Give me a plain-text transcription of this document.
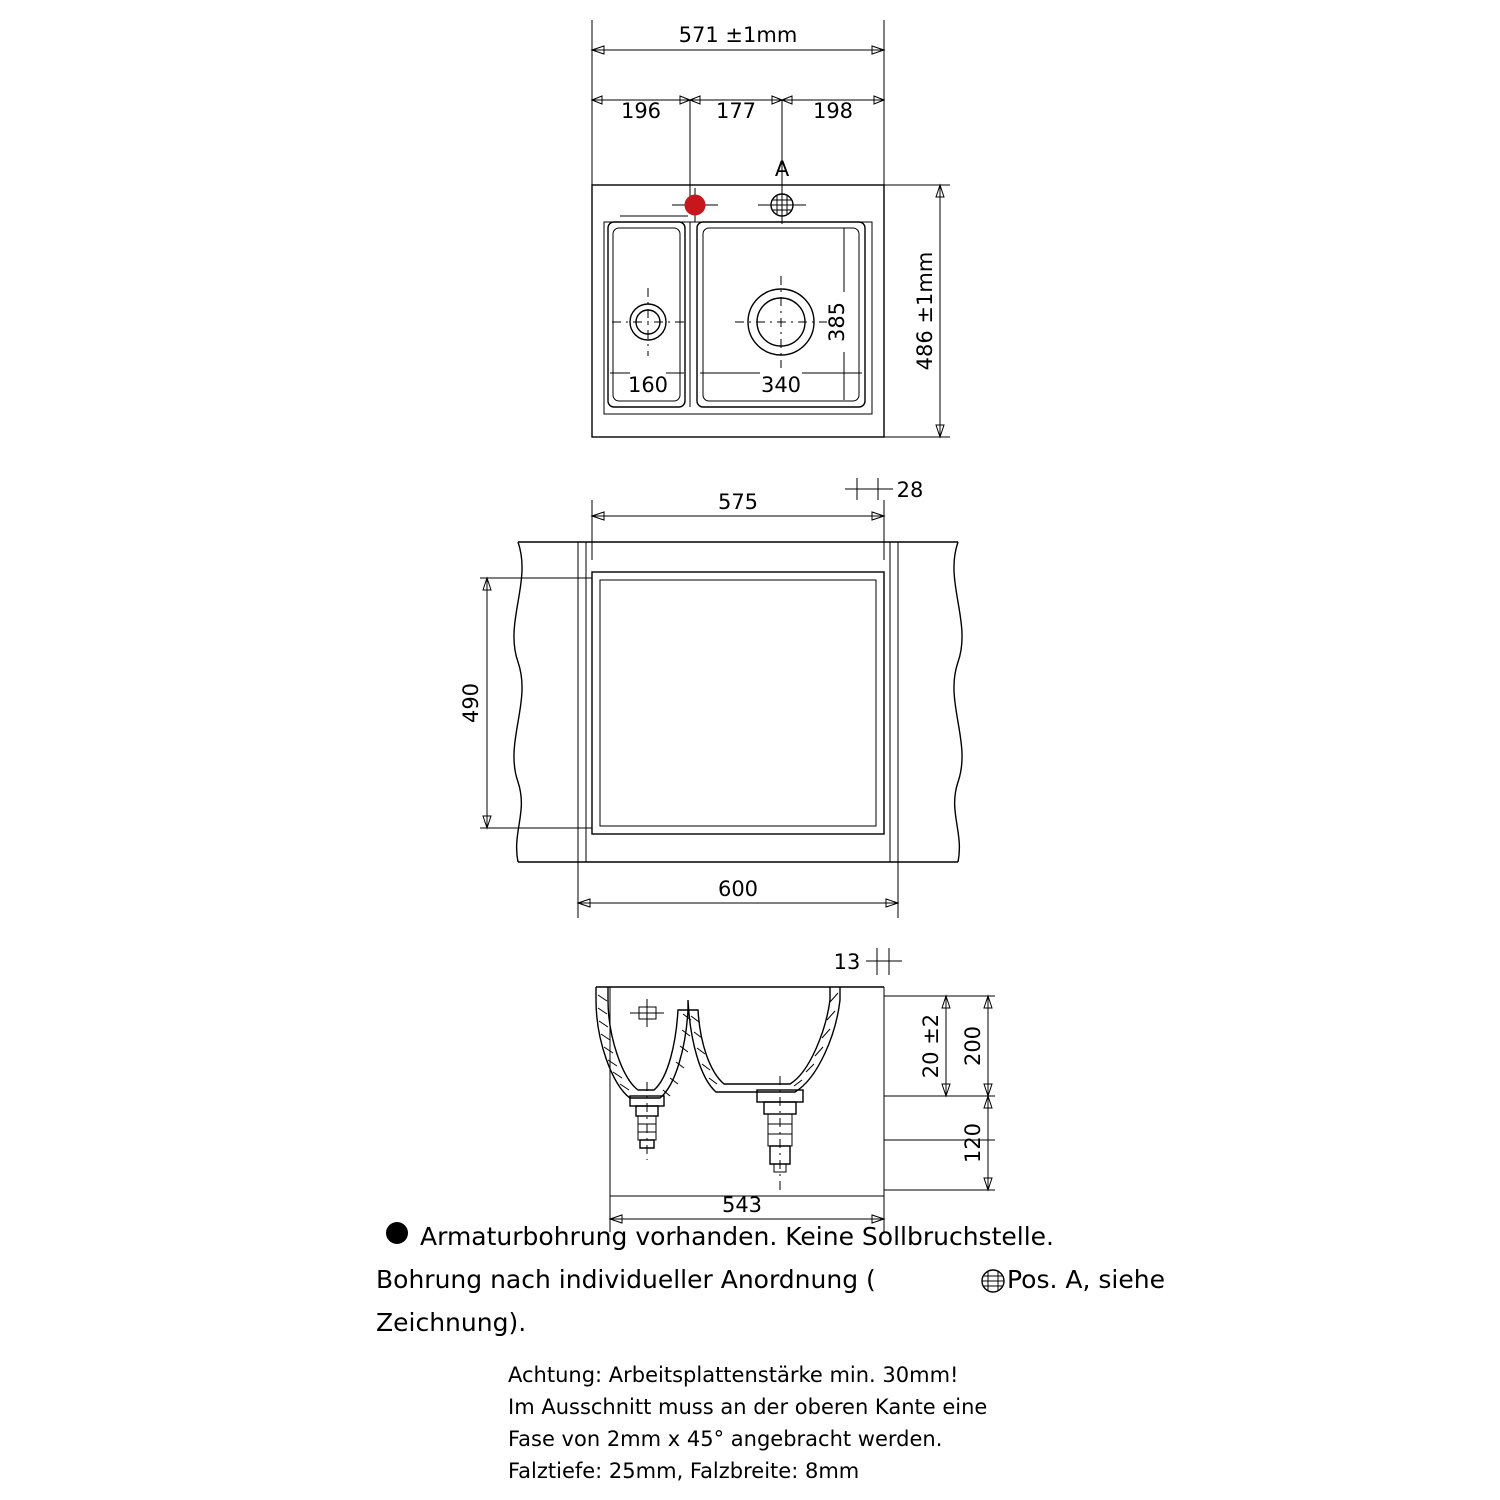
571 ±1mm
196	177	198
A
160	340
385	486 ±1mm
28
575
490
600
13
20 ±2 200
120
543
Armaturbohrung vorhanden. Keine Sollbruchstelle.
Bohrung nach individueller Anordnung (	Pos. A, siehe
Zeichnung).
Achtung: Arbeitsplattenstärke min. 30mm!
Im Ausschnitt muss an der oberen Kante eine
Fase von 2mm x 45° angebracht werden.
Falztiefe: 25mm, Falzbreite: 8mm
